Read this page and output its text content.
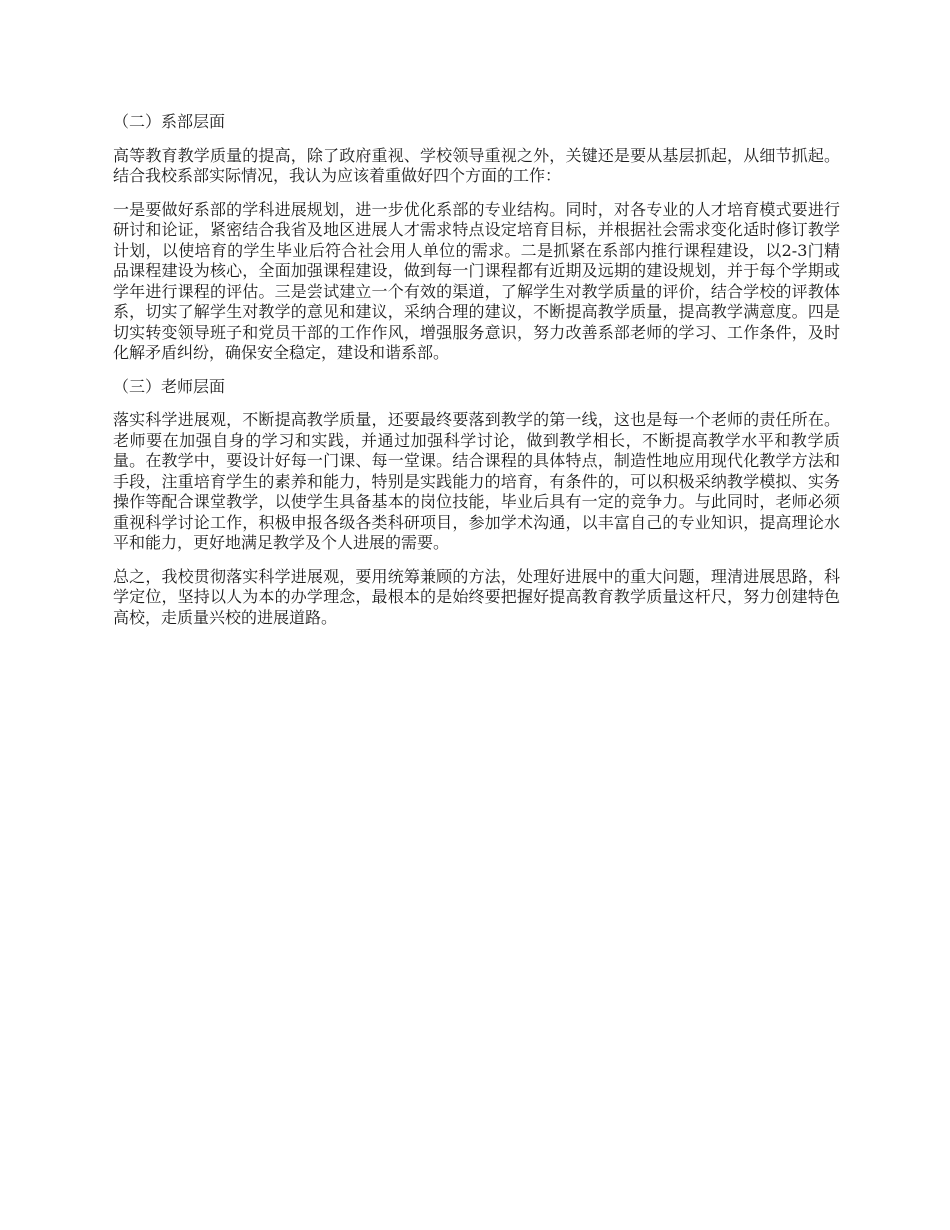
（二）系部层面

高等教育教学质量的提高，除了政府重视、学校领导重视之外，关键还是要从基层抓起，从细节抓起。结合我校系部实际情况，我认为应该着重做好四个方面的工作：

一是要做好系部的学科进展规划，进一步优化系部的专业结构。同时，对各专业的人才培育模式要进行研讨和论证，紧密结合我省及地区进展人才需求特点设定培育目标，并根据社会需求变化适时修订教学计划，以使培育的学生毕业后符合社会用人单位的需求。二是抓紧在系部内推行课程建设，以2-3门精品课程建设为核心，全面加强课程建设，做到每一门课程都有近期及远期的建设规划，并于每个学期或学年进行课程的评估。三是尝试建立一个有效的渠道，了解学生对教学质量的评价，结合学校的评教体系，切实了解学生对教学的意见和建议，采纳合理的建议，不断提高教学质量，提高教学满意度。四是切实转变领导班子和党员干部的工作作风，增强服务意识，努力改善系部老师的学习、工作条件，及时化解矛盾纠纷，确保安全稳定，建设和谐系部。

（三）老师层面

落实科学进展观，不断提高教学质量，还要最终要落到教学的第一线，这也是每一个老师的责任所在。老师要在加强自身的学习和实践，并通过加强科学讨论，做到教学相长，不断提高教学水平和教学质量。在教学中，要设计好每一门课、每一堂课。结合课程的具体特点，制造性地应用现代化教学方法和手段，注重培育学生的素养和能力，特别是实践能力的培育，有条件的，可以积极采纳教学模拟、实务操作等配合课堂教学，以使学生具备基本的岗位技能，毕业后具有一定的竞争力。与此同时，老师必须重视科学讨论工作，积极申报各级各类科研项目，参加学术沟通，以丰富自己的专业知识，提高理论水平和能力，更好地满足教学及个人进展的需要。

总之，我校贯彻落实科学进展观，要用统筹兼顾的方法，处理好进展中的重大问题，理清进展思路，科学定位，坚持以人为本的办学理念，最根本的是始终要把握好提高教育教学质量这杆尺，努力创建特色高校，走质量兴校的进展道路。
